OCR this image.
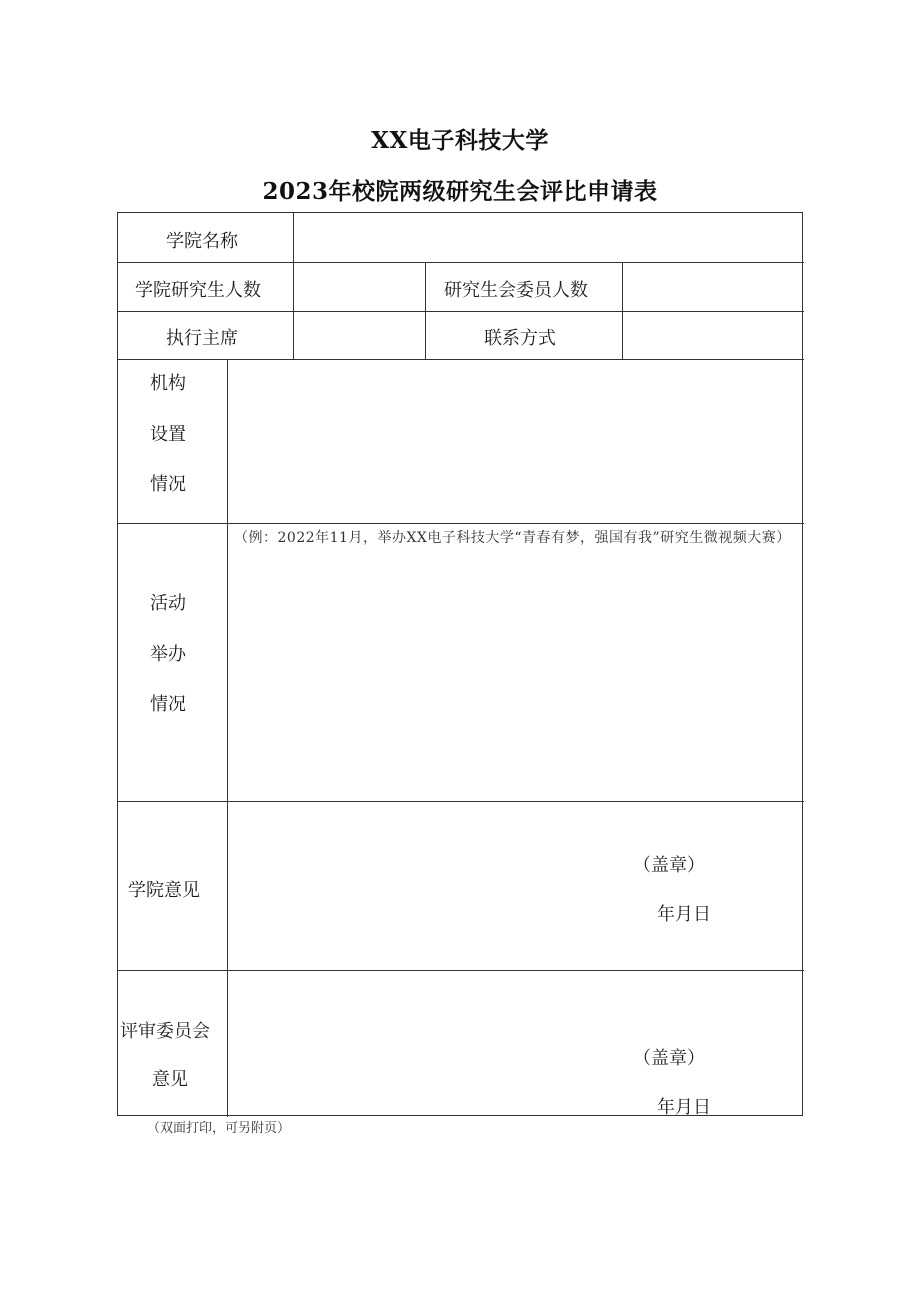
XX电子科技大学
2023年校院两级研究生会评比申请表
学院名称
学院研究生人数	研究生会委员人数
执行主席	联系方式
机构
设置
情况
活动
举办
情况
（例：2022年11月，举办XX电子科技大学“青春有梦，强国有我”研究生微视频大赛）
学院意见
（盖章）
年月日
评审委员会
意见
（盖章）
年月日
（双面打印，可另附页）
